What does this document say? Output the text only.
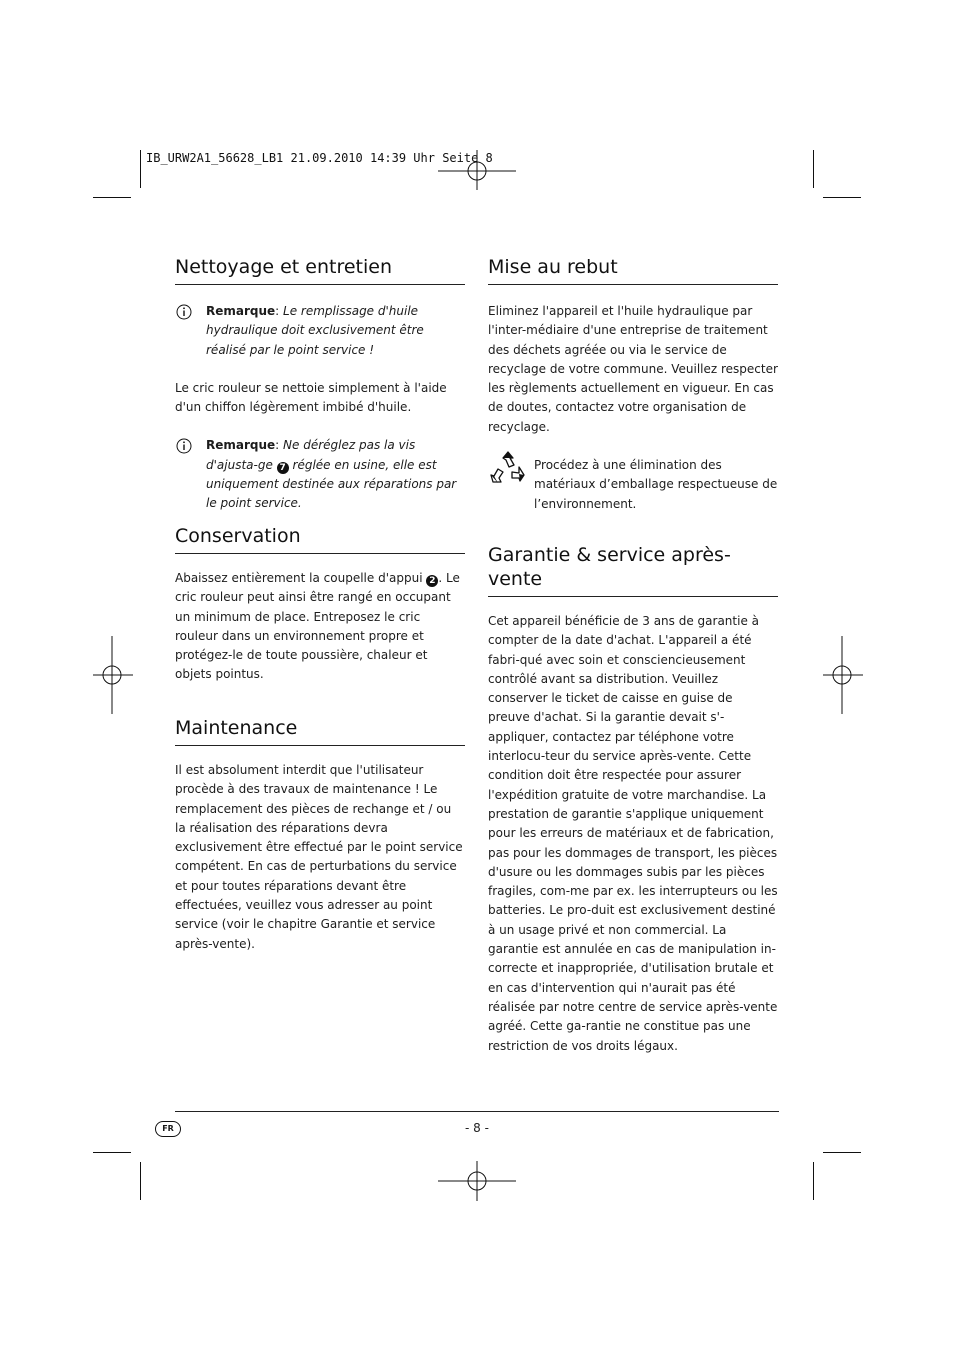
IB_URW2A1_56628_LB1 21.09.2010 14:39 Uhr Seite 8
Nettoyage et entretien
Remarque: Le remplissage d'huile hydraulique doit exclusivement être réalisé par le point service !

Le cric rouleur se nettoie simplement à l'aide d'un chiffon légèrement imbibé d'huile.

Remarque: Ne déréglez pas la vis d'ajusta-ge 7 réglée en usine, elle est uniquement destinée aux réparations par le point service.
Conservation

Abaissez entièrement la coupelle d'appui 2 . Le cric rouleur peut ainsi être rangé en occupant un minimum de place. Entreposez le cric rouleur dans un environnement propre et protégez-le de toute poussière, chaleur et objets pointus.

Maintenance

Il est absolument interdit que l'utilisateur procède à des travaux de maintenance ! Le remplacement des pièces de rechange et / ou la réalisation des réparations devra exclusivement être effectué par le point service compétent. En cas de perturbations du service et pour toutes réparations devant être effectuées, veuillez vous adresser au point service (voir le chapitre Garantie et service après-vente).

Mise au rebut

Eliminez l'appareil et l'huile hydraulique par l'inter-médiaire d'une entreprise de traitement des déchets agréée ou via le service de recyclage de votre commune. Veuillez respecter les règlements actuellement en vigueur. En cas de doutes, contactez votre organisation de recyclage.

Procédez à une élimination des matériaux d’emballage respectueuse de l’environnement.

Garantie & service après-vente

Cet appareil bénéficie de 3 ans de garantie à compter de la date d'achat. L'appareil a été fabri-qué avec soin et consciencieusement contrôlé avant sa distribution. Veuillez conserver le ticket de caisse en guise de preuve d'achat. Si la garantie devait s'-appliquer, contactez par téléphone votre interlocu-teur du service après-vente. Cette condition doit être respectée pour assurer l'expédition gratuite de votre marchandise. La prestation de garantie s'applique uniquement pour les erreurs de matériaux et de fabrication, pas pour les dommages de transport, les pièces d'usure ou les dommages subis par les pièces fragiles, com-me par ex. les interrupteurs ou les batteries. Le pro-duit est exclusivement destiné à un usage privé et non commercial. La garantie est annulée en cas de manipulation in-correcte et inappropriée, d'utilisation brutale et en cas d'intervention qui n'aurait pas été réalisée par notre centre de service après-vente agréé. Cette ga-rantie ne constitue pas une restriction de vos droits légaux.

FR	- 8 -
